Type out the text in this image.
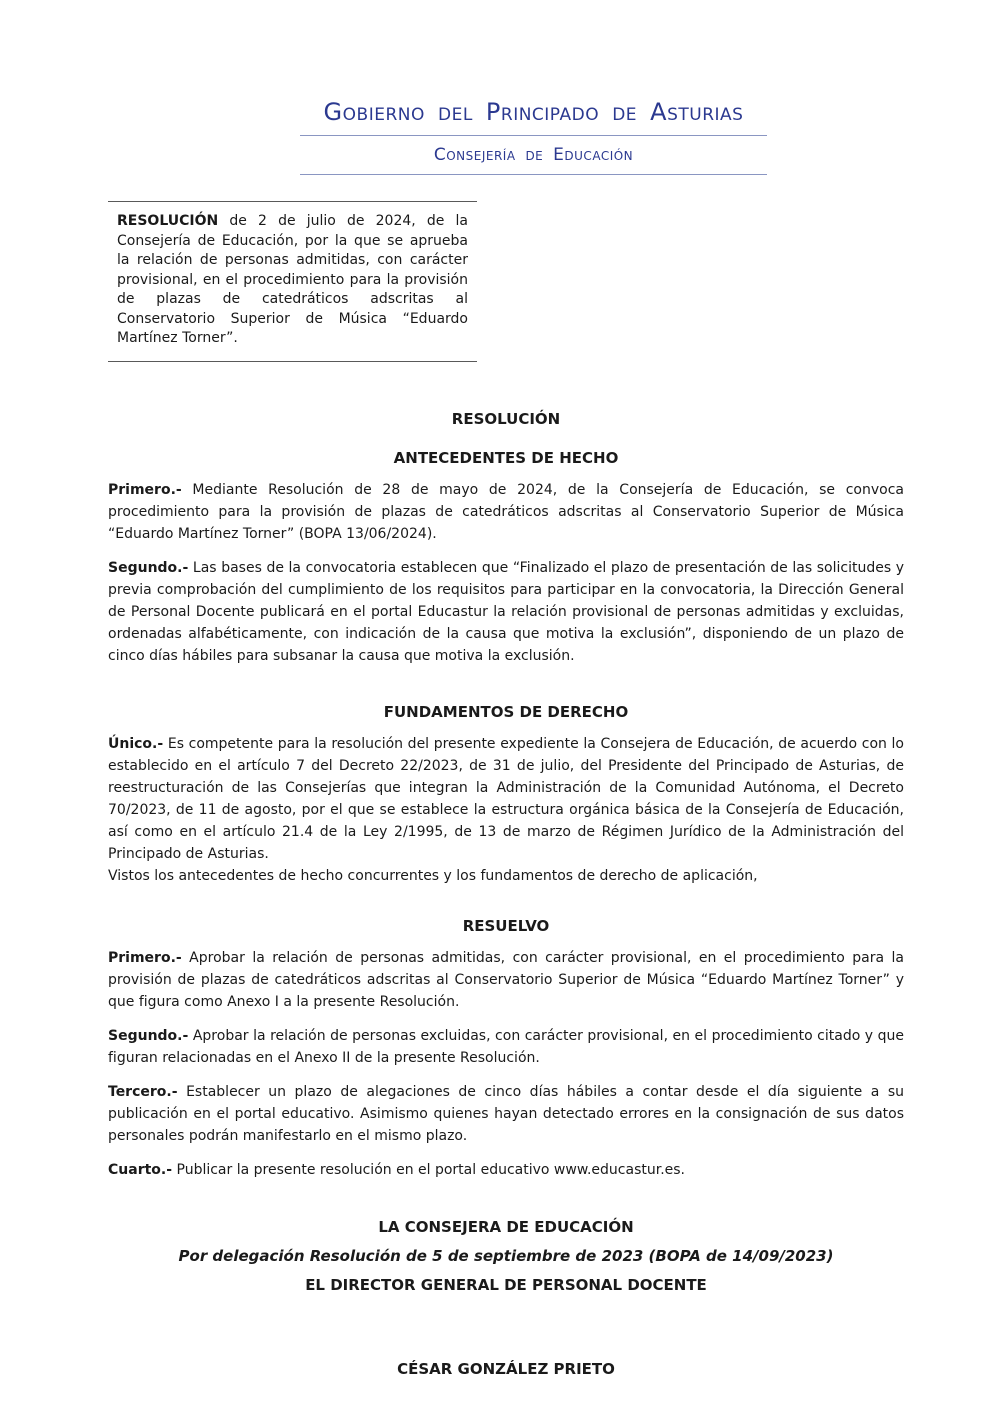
Gobierno del Principado de Asturias
Consejería de Educación
RESOLUCIÓN de 2 de julio de 2024, de la Consejería de Educación, por la que se aprueba la relación de personas admitidas, con carácter provisional, en el procedimiento para la provisión de plazas de catedráticos adscritas al Conservatorio Superior de Música “Eduardo Martínez Torner”.
RESOLUCIÓN
ANTECEDENTES DE HECHO

Primero.- Mediante Resolución de 28 de mayo de 2024, de la Consejería de Educación, se convoca procedimiento para la provisión de plazas de catedráticos adscritas al Conservatorio Superior de Música “Eduardo Martínez Torner” (BOPA 13/06/2024).

Segundo.- Las bases de la convocatoria establecen que “Finalizado el plazo de presentación de las solicitudes y previa comprobación del cumplimiento de los requisitos para participar en la convocatoria, la Dirección General de Personal Docente publicará en el portal Educastur la relación provisional de personas admitidas y excluidas, ordenadas alfabéticamente, con indicación de la causa que motiva la exclusión”, disponiendo de un plazo de cinco días hábiles para subsanar la causa que motiva la exclusión.

FUNDAMENTOS DE DERECHO

Único.- Es competente para la resolución del presente expediente la Consejera de Educación, de acuerdo con lo establecido en el artículo 7 del Decreto 22/2023, de 31 de julio, del Presidente del Principado de Asturias, de reestructuración de las Consejerías que integran la Administración de la Comunidad Autónoma, el Decreto 70/2023, de 11 de agosto, por el que se establece la estructura orgánica básica de la Consejería de Educación, así como en el artículo 21.4 de la Ley 2/1995, de 13 de marzo de Régimen Jurídico de la Administración del Principado de Asturias.

Vistos los antecedentes de hecho concurrentes y los fundamentos de derecho de aplicación,

RESUELVO

Primero.- Aprobar la relación de personas admitidas, con carácter provisional, en el procedimiento para la provisión de plazas de catedráticos adscritas al Conservatorio Superior de Música “Eduardo Martínez Torner” y que figura como Anexo I a la presente Resolución.

Segundo.- Aprobar la relación de personas excluidas, con carácter provisional, en el procedimiento citado y que figuran relacionadas en el Anexo II de la presente Resolución.

Tercero.- Establecer un plazo de alegaciones de cinco días hábiles a contar desde el día siguiente a su publicación en el portal educativo. Asimismo quienes hayan detectado errores en la consignación de sus datos personales podrán manifestarlo en el mismo plazo.

Cuarto.- Publicar la presente resolución en el portal educativo www.educastur.es.

LA CONSEJERA DE EDUCACIÓN
Por delegación Resolución de 5 de septiembre de 2023 (BOPA de 14/09/2023)
EL DIRECTOR GENERAL DE PERSONAL DOCENTE
CÉSAR GONZÁLEZ PRIETO
